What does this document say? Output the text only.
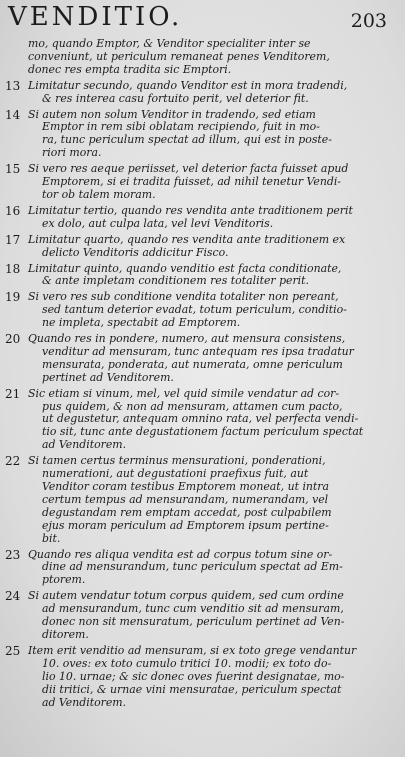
VENDITIO.	203
mo, quando Emptor, & Venditor specialiter inter se
conveniunt, ut periculum remaneat penes Venditorem,
donec res empta tradita sic Emptori.
13 Limitatur secundo, quando Venditor est in mora tradendi,
& res interea casu fortuito perit, vel deterior fit.
14 Si autem non solum Venditor in tradendo, sed etiam
Emptor in rem sibi oblatam recipiendo, fuit in mo-
ra, tunc periculum spectat ad illum, qui est in poste-
riori mora.
15 Si vero res aeque periisset, vel deterior facta fuisset apud
Emptorem, si ei tradita fuisset, ad nihil tenetur Vendi-
tor ob talem moram.
16 Limitatur tertio, quando res vendita ante traditionem perit
ex dolo, aut culpa lata, vel levi Venditoris.
17 Limitatur quarto, quando res vendita ante traditionem ex
delicto Venditoris addicitur Fisco.
18 Limitatur quinto, quando venditio est facta conditionate,
& ante impletam conditionem res totaliter perit.
19 Si vero res sub conditione vendita totaliter non pereant,
sed tantum deterior evadat, totum periculum, conditio-
ne impleta, spectabit ad Emptorem.
20 Quando res in pondere, numero, aut mensura consistens,
venditur ad mensuram, tunc antequam res ipsa tradatur
mensurata, ponderata, aut numerata, omne periculum
pertinet ad Venditorem.
21 Sic etiam si vinum, mel, vel quid simile vendatur ad cor-
pus quidem, & non ad mensuram, attamen cum pacto,
ut degustetur, antequam omnino rata, vel perfecta vendi-
tio sit, tunc ante degustationem factum periculum spectat
ad Venditorem.
22 Si tamen certus terminus mensurationi, ponderationi,
numerationi, aut degustationi praefixus fuit, aut
Venditor coram testibus Emptorem moneat, ut intra
certum tempus ad mensurandam, numerandam, vel
degustandam rem emptam accedat, post culpabilem
ejus moram periculum ad Emptorem ipsum pertine-
bit.
23 Quando res aliqua vendita est ad corpus totum sine or-
dine ad mensurandum, tunc periculum spectat ad Em-
ptorem.
24 Si autem vendatur totum corpus quidem, sed cum ordine
ad mensurandum, tunc cum venditio sit ad mensuram,
donec non sit mensuratum, periculum pertinet ad Ven-
ditorem.
25 Item erit venditio ad mensuram, si ex toto grege vendantur
10. oves: ex toto cumulo tritici 10. modii; ex toto do-
lio 10. urnae; & sic donec oves fuerint designatae, mo-
dii tritici, & urnae vini mensuratae, periculum spectat
ad Venditorem.
